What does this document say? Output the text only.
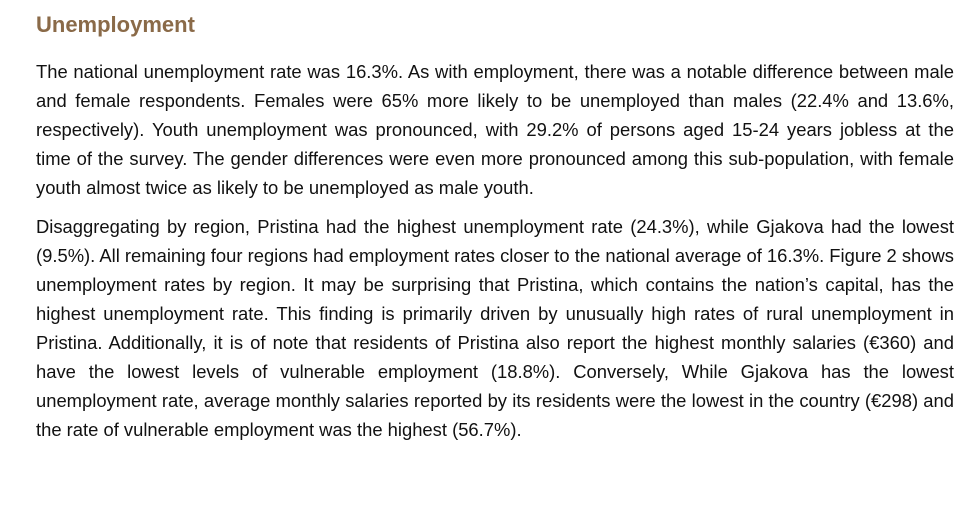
Unemployment

The national unemployment rate was 16.3%. As with employment, there was a notable difference between male and female respondents. Females were 65% more likely to be unemployed than males (22.4% and 13.6%, respectively). Youth unemployment was pronounced, with 29.2% of persons aged 15-24 years jobless at the time of the survey. The gender differences were even more pronounced among this sub-population, with female youth almost twice as likely to be unemployed as male youth.

Disaggregating by region, Pristina had the highest unemployment rate (24.3%), while Gjakova had the lowest (9.5%). All remaining four regions had employment rates closer to the national average of 16.3%. Figure 2 shows unemployment rates by region. It may be surprising that Pristina, which contains the nation’s capital, has the highest unemployment rate. This finding is primarily driven by unusually high rates of rural unemployment in Pristina. Additionally, it is of note that residents of Pristina also report the highest monthly salaries (€360) and have the lowest levels of vulnerable employment (18.8%). Conversely, While Gjakova has the lowest unemployment rate, average monthly salaries reported by its residents were the lowest in the country (€298) and the rate of vulnerable employment was the highest (56.7%).
